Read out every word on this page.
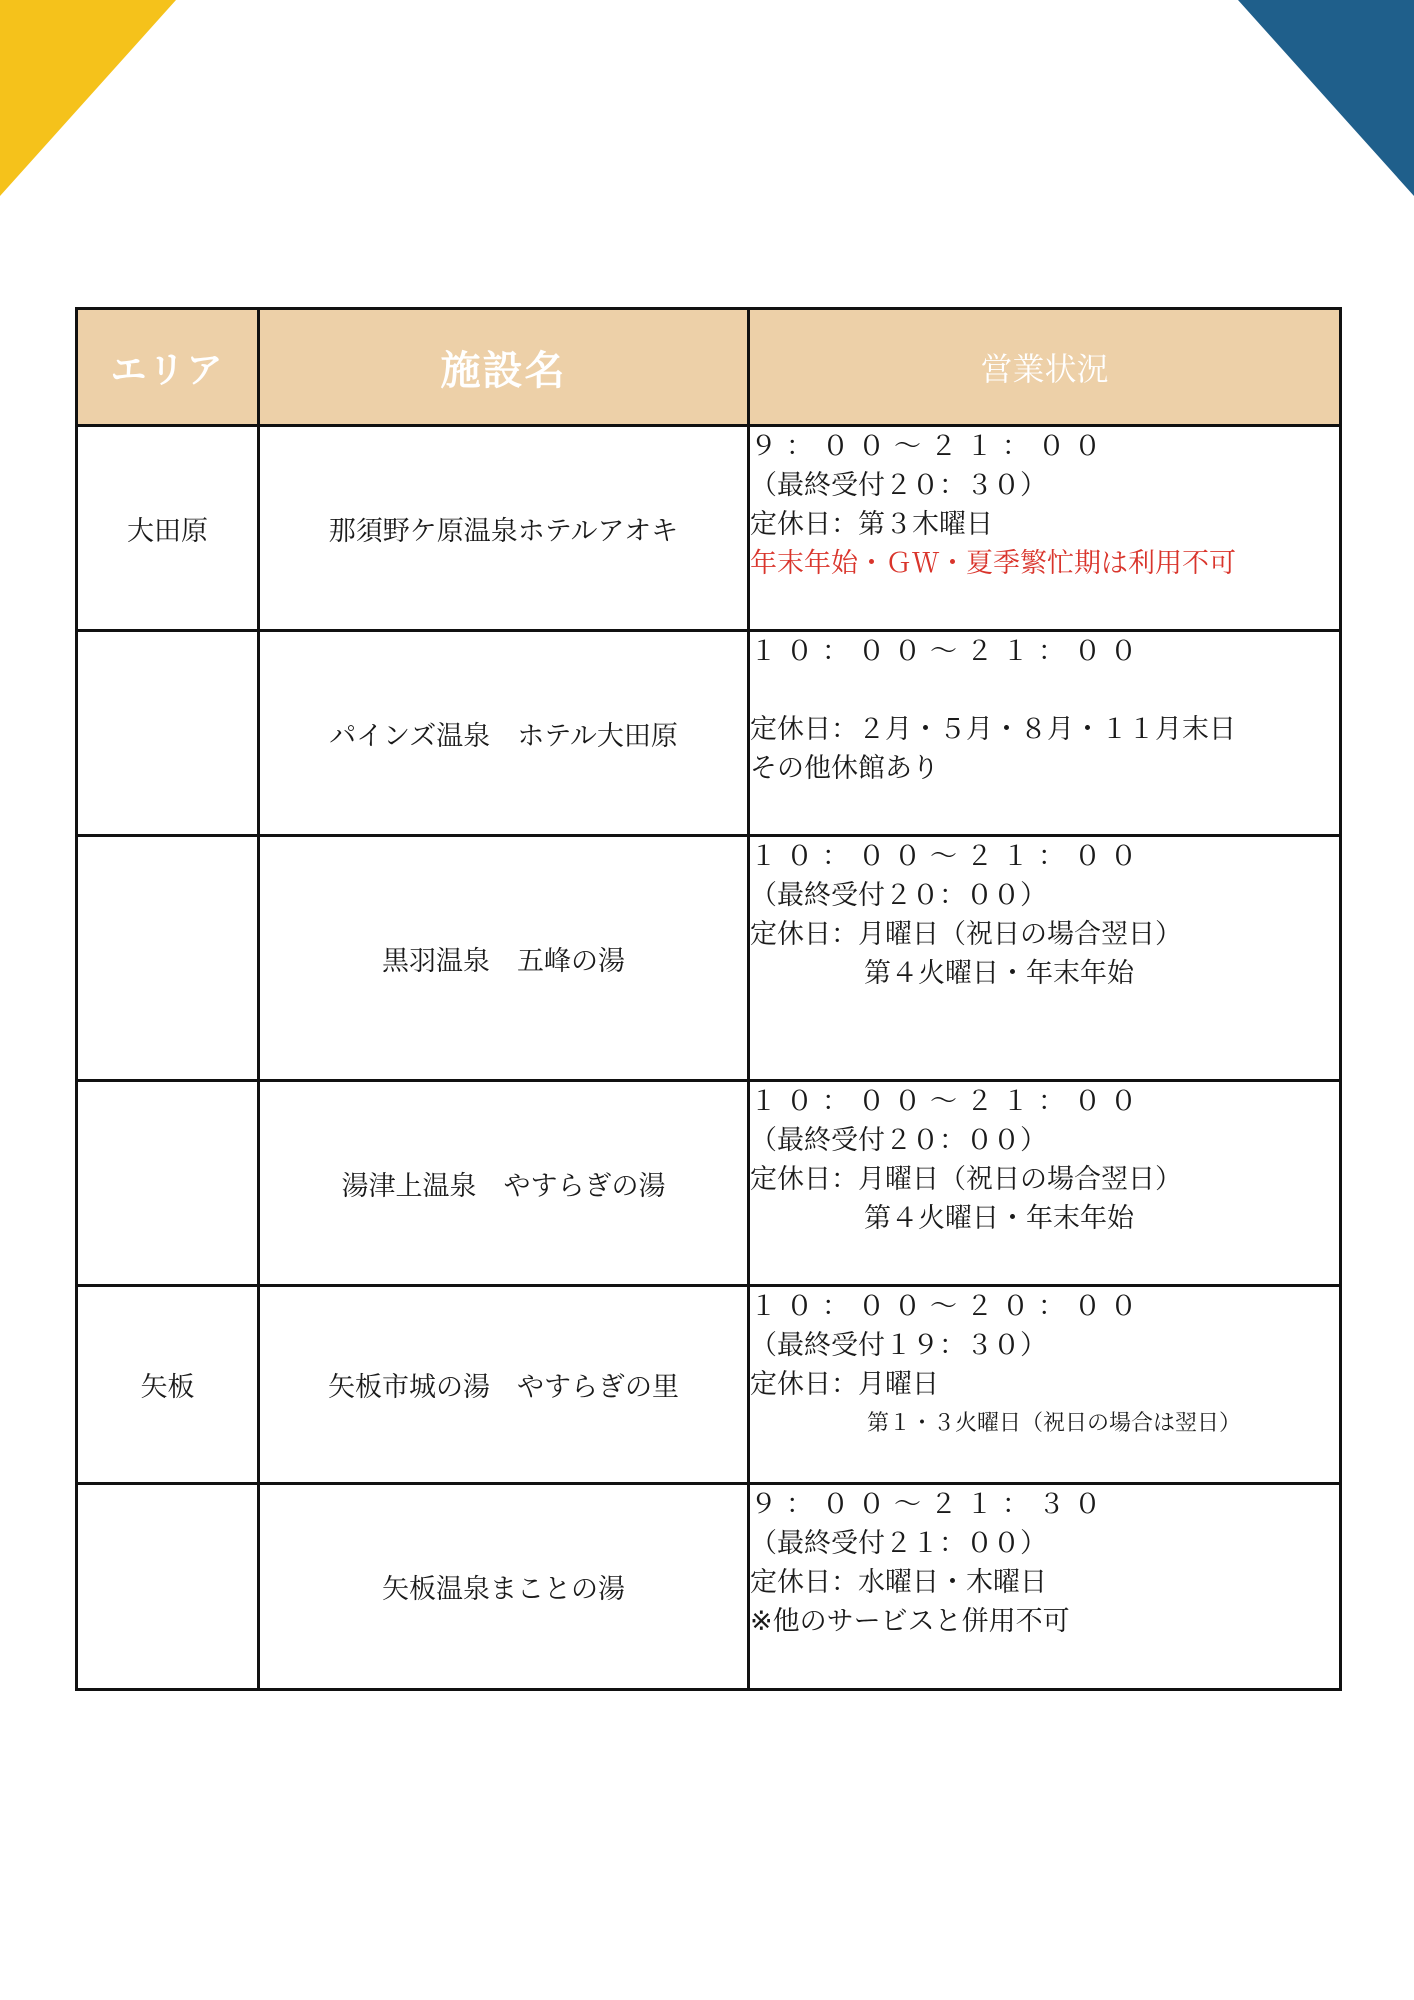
エリア	施設名	営業状況
大田原	那須野ケ原温泉ホテルアオキ	９：００～２１：００
（最終受付２０：３０）
定休日：第３木曜日
年末年始・ＧＷ・夏季繁忙期は利用不可

	パインズ温泉　ホテル大田原	１０：００～２１：００
定休日：２月・５月・８月・１１月末日
その他休館あり

	黒羽温泉　五峰の湯	１０：００～２１：００
（最終受付２０：００）
定休日：月曜日（祝日の場合翌日）
第４火曜日・年末年始

	湯津上温泉　やすらぎの湯	１０：００～２１：００
（最終受付２０：００）
定休日：月曜日（祝日の場合翌日）
第４火曜日・年末年始

矢板	矢板市城の湯　やすらぎの里	１０：００～２０：００
（最終受付１９：３０）
定休日：月曜日
第１・３火曜日（祝日の場合は翌日）

	矢板温泉まことの湯	９：００～２１：３０
（最終受付２１：００）
定休日：水曜日・木曜日
※他のサービスと併用不可
